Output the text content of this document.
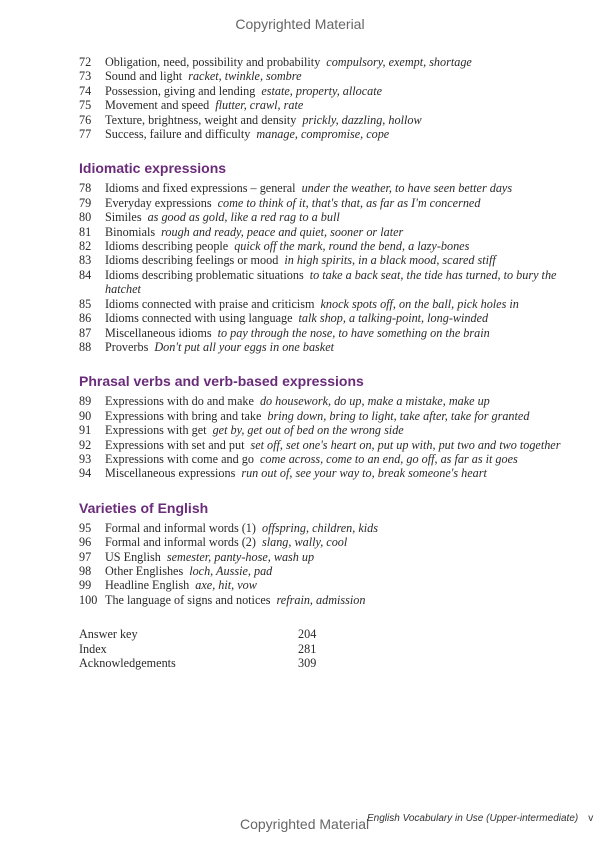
Copyrighted Material
72	Obligation, need, possibility and probability compulsory, exempt, shortage
73	Sound and light racket, twinkle, sombre
74	Possession, giving and lending estate, property, allocate
75	Movement and speed flutter, crawl, rate
76	Texture, brightness, weight and density prickly, dazzling, hollow
77	Success, failure and difficulty manage, compromise, cope
Idiomatic expressions
78	Idioms and fixed expressions – general under the weather, to have seen better days
79	Everyday expressions come to think of it, that's that, as far as I'm concerned
80	Similes as good as gold, like a red rag to a bull
81	Binomials rough and ready, peace and quiet, sooner or later
82	Idioms describing people quick off the mark, round the bend, a lazy-bones
83	Idioms describing feelings or mood in high spirits, in a black mood, scared stiff
84	Idioms describing problematic situations to take a back seat, the tide has turned, to bury the hatchet
85	Idioms connected with praise and criticism knock spots off, on the ball, pick holes in
86	Idioms connected with using language talk shop, a talking-point, long-winded
87	Miscellaneous idioms to pay through the nose, to have something on the brain
88	Proverbs Don't put all your eggs in one basket
Phrasal verbs and verb-based expressions
89	Expressions with do and make do housework, do up, make a mistake, make up
90	Expressions with bring and take bring down, bring to light, take after, take for granted
91	Expressions with get get by, get out of bed on the wrong side
92	Expressions with set and put set off, set one's heart on, put up with, put two and two together
93	Expressions with come and go come across, come to an end, go off, as far as it goes
94	Miscellaneous expressions run out of, see your way to, break someone's heart
Varieties of English
95	Formal and informal words (1) offspring, children, kids
96	Formal and informal words (2) slang, wally, cool
97	US English semester, panty-hose, wash up
98	Other Englishes loch, Aussie, pad
99	Headline English axe, hit, vow
100 The language of signs and notices refrain, admission
Answer key	204
Index	281
Acknowledgements	309
Copyrighted Material
English Vocabulary in Use (Upper-intermediate) v
